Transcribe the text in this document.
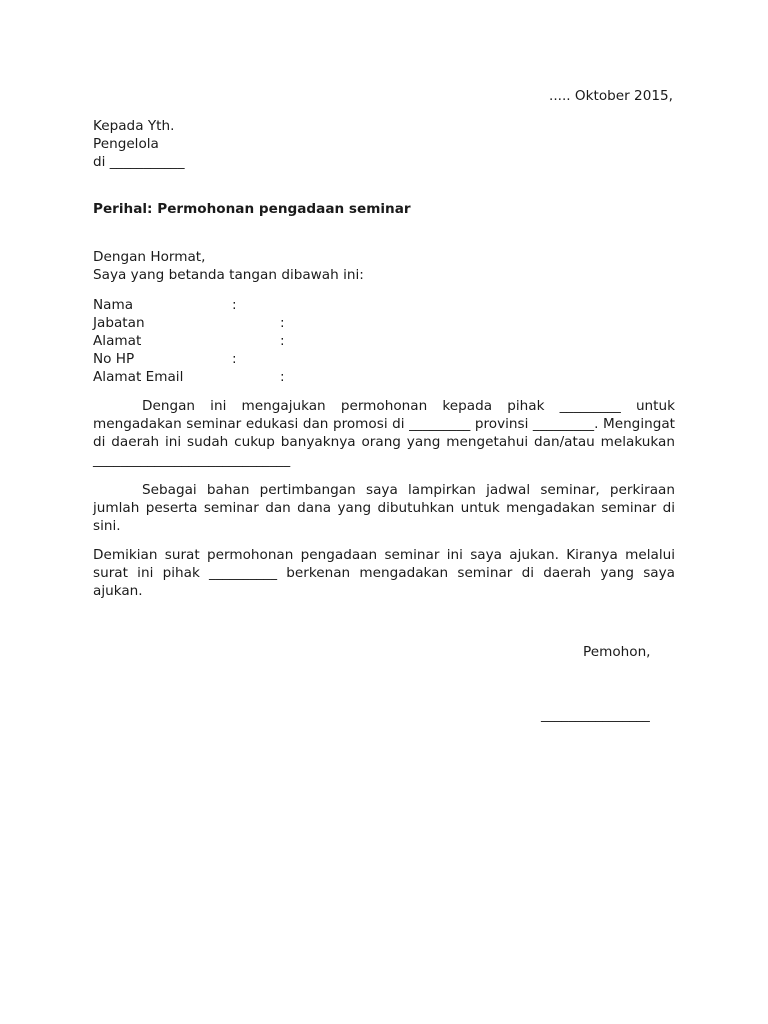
..... Oktober 2015,
Kepada Yth.
Pengelola
di ___________
Perihal: Permohonan pengadaan seminar
Dengan Hormat,
Saya yang betanda tangan dibawah ini:
Nama	:
Jabatan	:
Alamat	:
No HP	:
Alamat Email	:
Dengan ini mengajukan permohonan kepada pihak _________ untuk mengadakan seminar edukasi dan promosi di _________ provinsi _________. Mengingat di daerah ini sudah cukup banyaknya orang yang mengetahui dan/atau melakukan _____________________________
Sebagai bahan pertimbangan saya lampirkan jadwal seminar, perkiraan jumlah peserta seminar dan dana yang dibutuhkan untuk mengadakan seminar di sini.
Demikian surat permohonan pengadaan seminar ini saya ajukan. Kiranya melalui surat ini pihak __________ berkenan mengadakan seminar di daerah yang saya ajukan.
Pemohon,
________________
